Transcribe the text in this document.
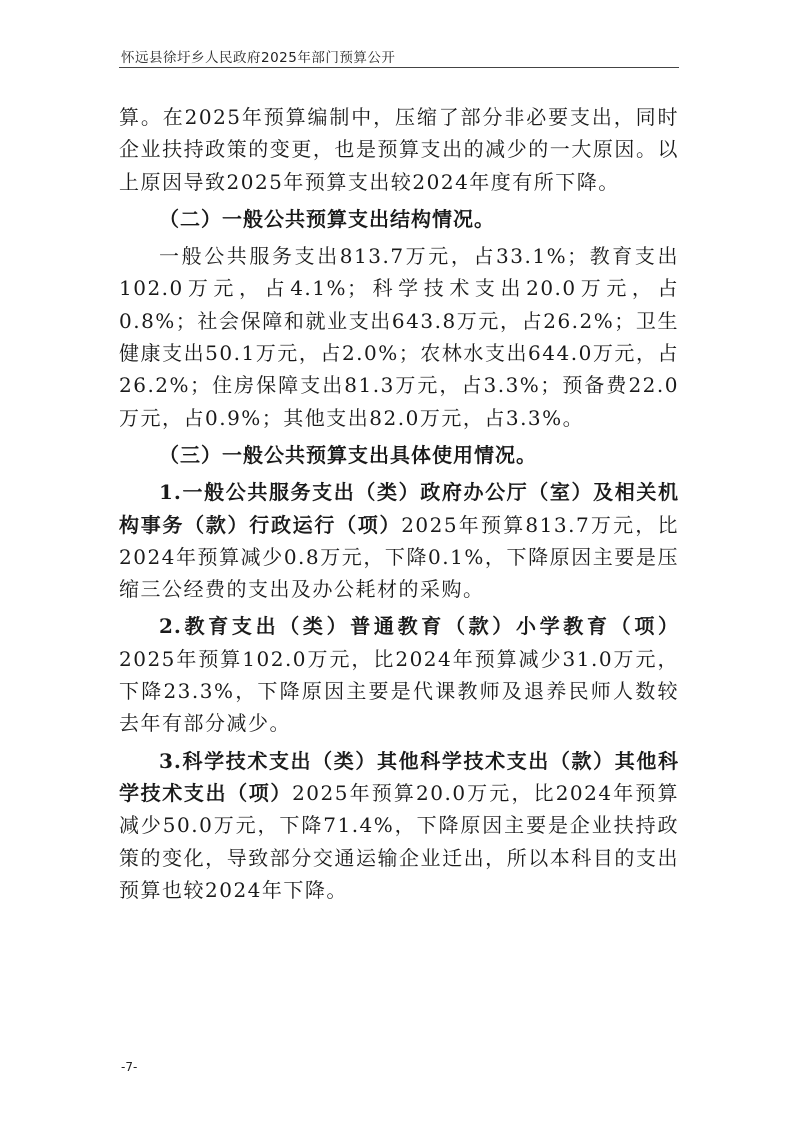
怀远县徐圩乡人民政府2025年部门预算公开

算。在2025年预算编制中，压缩了部分非必要支出，同时企业扶持政策的变更，也是预算支出的减少的一大原因。以上原因导致2025年预算支出较2024年度有所下降。

（二）一般公共预算支出结构情况。

一般公共服务支出813.7万元，占33.1%；教育支出102.0万元，占4.1%；科学技术支出20.0万元，占0.8%；社会保障和就业支出643.8万元，占26.2%；卫生健康支出50.1万元，占2.0%；农林水支出644.0万元，占26.2%；住房保障支出81.3万元，占3.3%；预备费22.0万元，占0.9%；其他支出82.0万元，占3.3%。

（三）一般公共预算支出具体使用情况。

1.一般公共服务支出（类）政府办公厅（室）及相关机构事务（款）行政运行（项）2025年预算813.7万元，比2024年预算减少0.8万元，下降0.1%，下降原因主要是压缩三公经费的支出及办公耗材的采购。

2.教育支出（类）普通教育（款）小学教育（项）2025年预算102.0万元，比2024年预算减少31.0万元，下降23.3%，下降原因主要是代课教师及退养民师人数较去年有部分减少。

3.科学技术支出（类）其他科学技术支出（款）其他科学技术支出（项）2025年预算20.0万元，比2024年预算减少50.0万元，下降71.4%，下降原因主要是企业扶持政策的变化，导致部分交通运输企业迁出，所以本科目的支出预算也较2024年下降。

-7-
